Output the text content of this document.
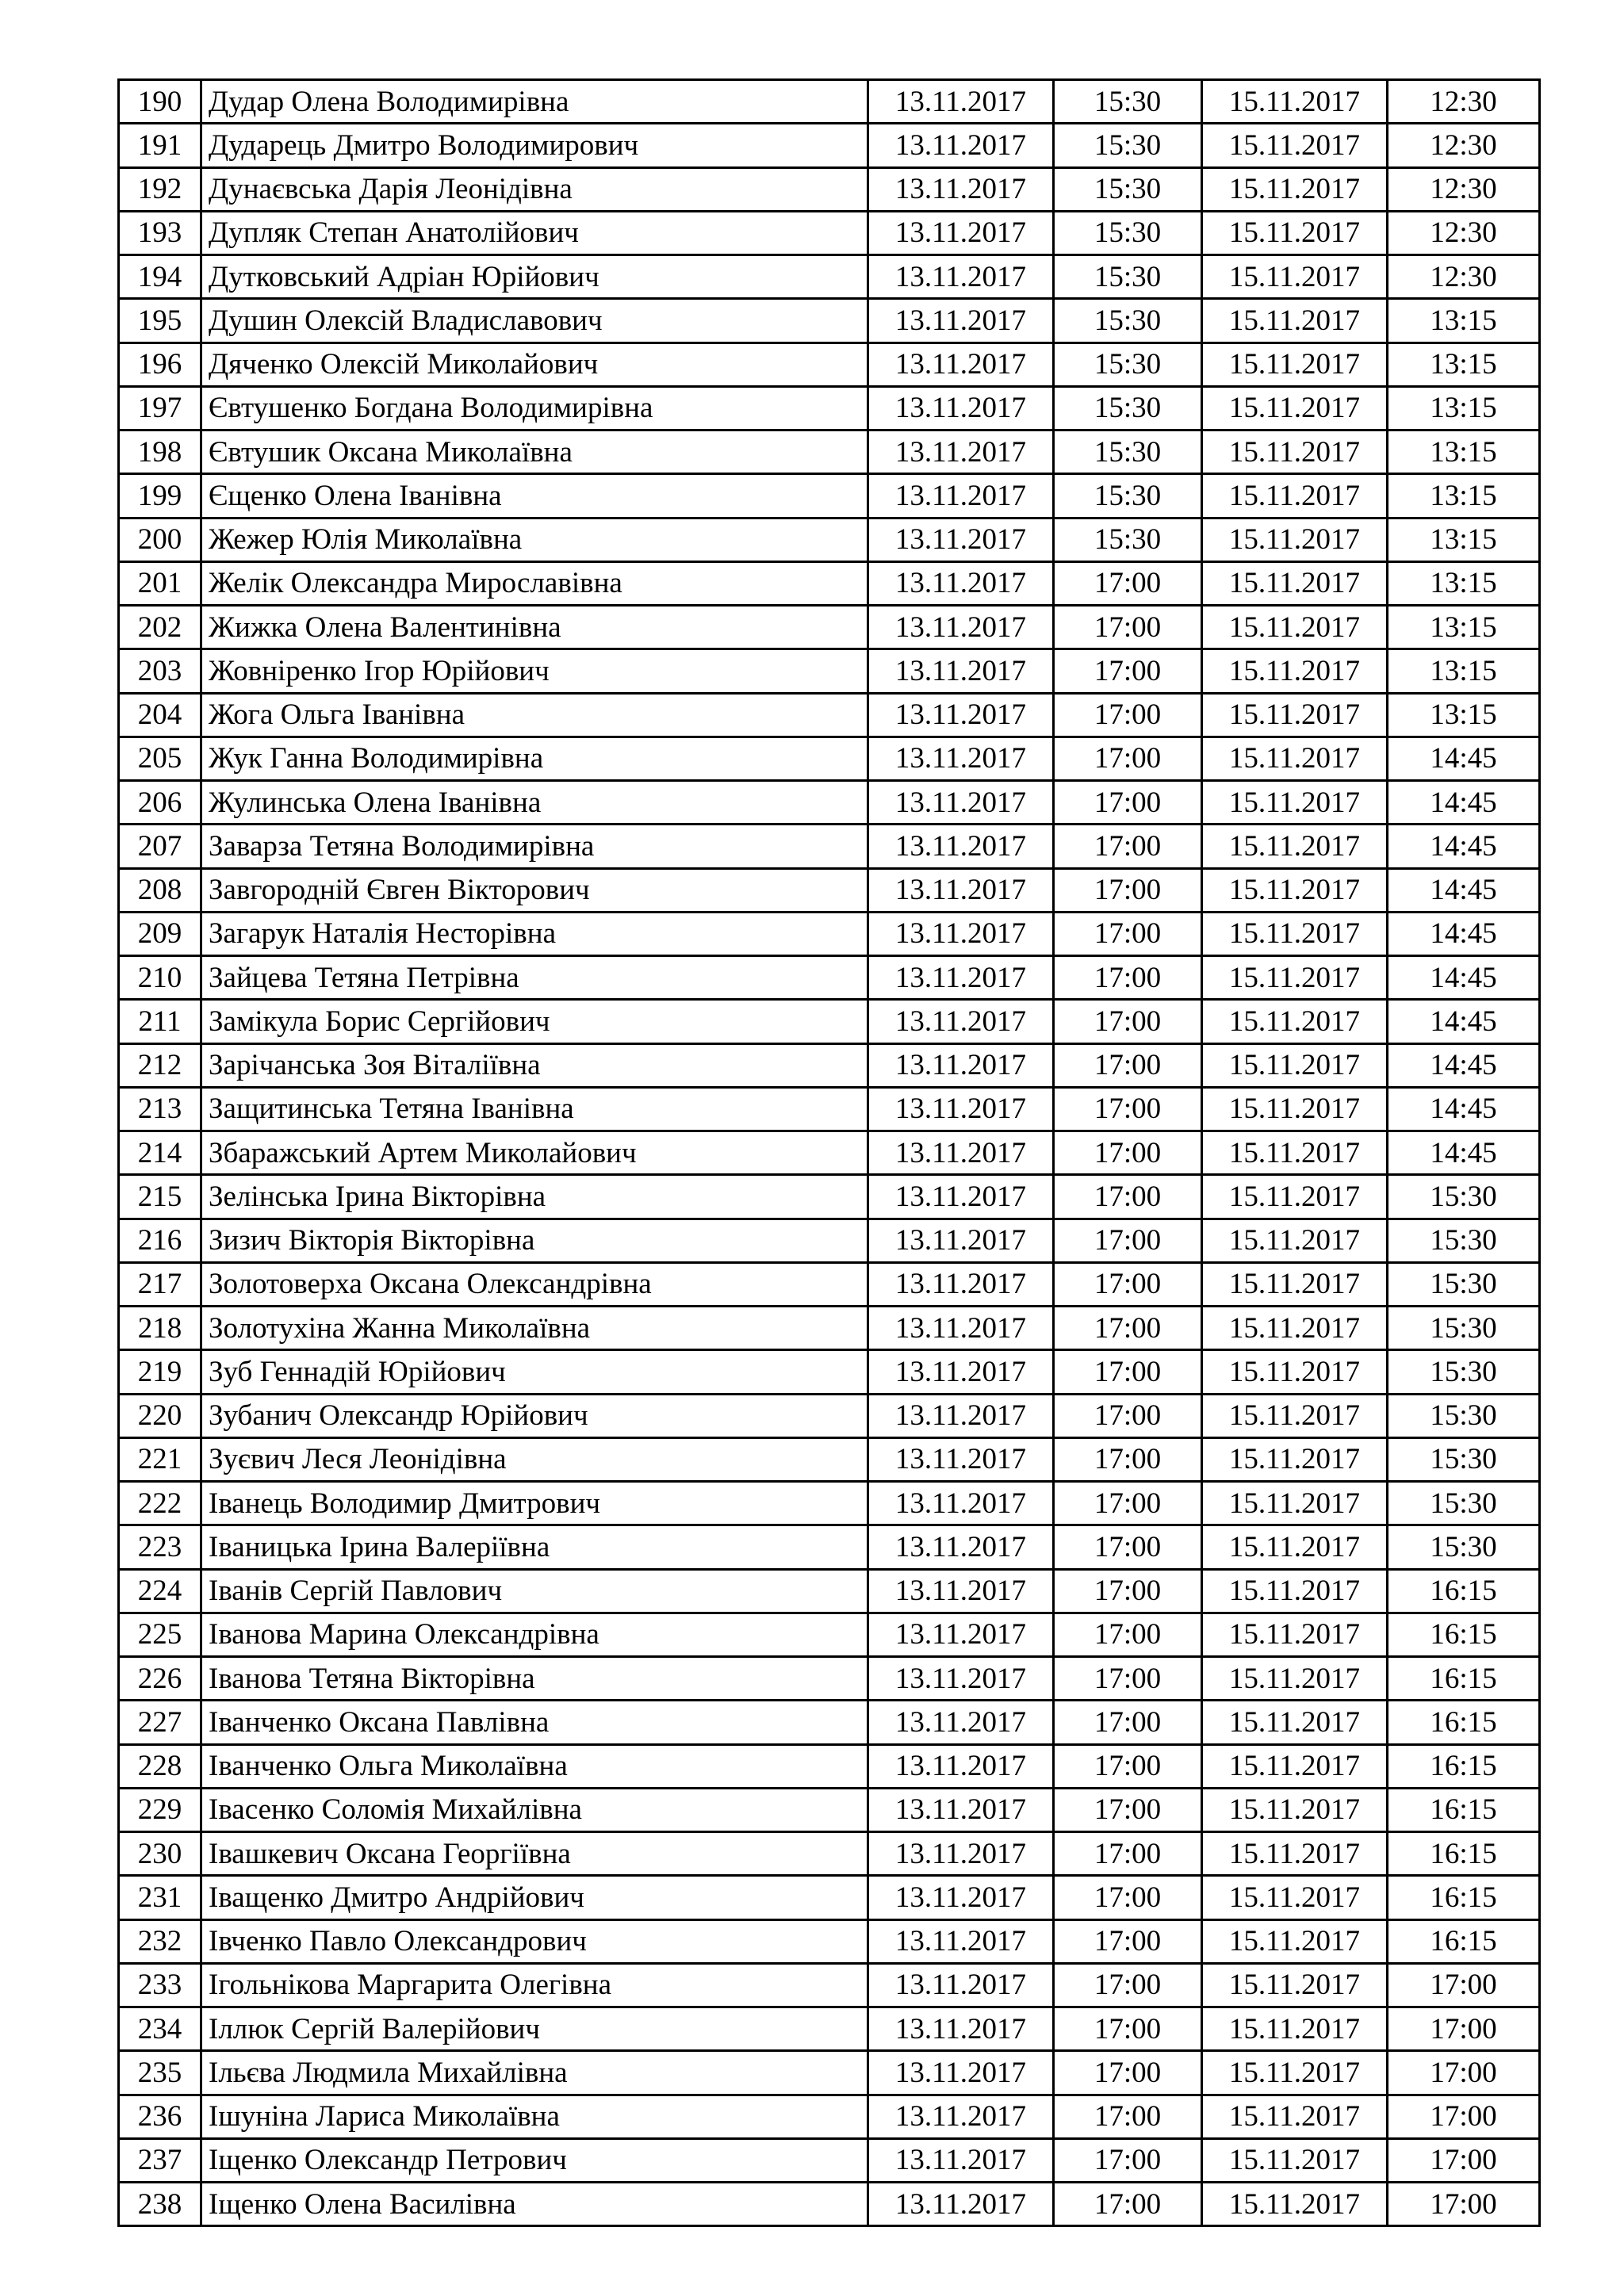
190	Дудар Олена Володимирівна	13.11.2017	15:30	15.11.2017	12:30
191	Дударець Дмитро Володимирович	13.11.2017	15:30	15.11.2017	12:30
192	Дунаєвська Дарія Леонідівна	13.11.2017	15:30	15.11.2017	12:30
193	Дупляк Степан Анатолійович	13.11.2017	15:30	15.11.2017	12:30
194	Дутковський Адріан Юрійович	13.11.2017	15:30	15.11.2017	12:30
195	Душин Олексій Владиславович	13.11.2017	15:30	15.11.2017	13:15
196	Дяченко Олексій Миколайович	13.11.2017	15:30	15.11.2017	13:15
197	Євтушенко Богдана Володимирівна	13.11.2017	15:30	15.11.2017	13:15
198	Євтушик Оксана Миколаївна	13.11.2017	15:30	15.11.2017	13:15
199	Єщенко Олена Іванівна	13.11.2017	15:30	15.11.2017	13:15
200	Жежер Юлія Миколаївна	13.11.2017	15:30	15.11.2017	13:15
201	Желік Олександра Мирославівна	13.11.2017	17:00	15.11.2017	13:15
202	Жижка Олена Валентинівна	13.11.2017	17:00	15.11.2017	13:15
203	Жовніренко Ігор Юрійович	13.11.2017	17:00	15.11.2017	13:15
204	Жога Ольга Іванівна	13.11.2017	17:00	15.11.2017	13:15
205	Жук Ганна Володимирівна	13.11.2017	17:00	15.11.2017	14:45
206	Жулинська Олена Іванівна	13.11.2017	17:00	15.11.2017	14:45
207	Заварза Тетяна Володимирівна	13.11.2017	17:00	15.11.2017	14:45
208	Завгородній Євген Вікторович	13.11.2017	17:00	15.11.2017	14:45
209	Загарук Наталія Несторівна	13.11.2017	17:00	15.11.2017	14:45
210	Зайцева Тетяна Петрівна	13.11.2017	17:00	15.11.2017	14:45
211	Замікула Борис Сергійович	13.11.2017	17:00	15.11.2017	14:45
212	Зарічанська Зоя Віталіївна	13.11.2017	17:00	15.11.2017	14:45
213	Защитинська Тетяна Іванівна	13.11.2017	17:00	15.11.2017	14:45
214	Збаражський Артем Миколайович	13.11.2017	17:00	15.11.2017	14:45
215	Зелінська Ірина Вікторівна	13.11.2017	17:00	15.11.2017	15:30
216	Зизич Вікторія Вікторівна	13.11.2017	17:00	15.11.2017	15:30
217	Золотоверха Оксана Олександрівна	13.11.2017	17:00	15.11.2017	15:30
218	Золотухіна Жанна Миколаївна	13.11.2017	17:00	15.11.2017	15:30
219	Зуб Геннадій Юрійович	13.11.2017	17:00	15.11.2017	15:30
220	Зубанич Олександр Юрійович	13.11.2017	17:00	15.11.2017	15:30
221	Зуєвич Леся Леонідівна	13.11.2017	17:00	15.11.2017	15:30
222	Іванець Володимир Дмитрович	13.11.2017	17:00	15.11.2017	15:30
223	Іваницька Ірина Валеріївна	13.11.2017	17:00	15.11.2017	15:30
224	Іванів Сергій Павлович	13.11.2017	17:00	15.11.2017	16:15
225	Іванова Марина Олександрівна	13.11.2017	17:00	15.11.2017	16:15
226	Іванова Тетяна Вікторівна	13.11.2017	17:00	15.11.2017	16:15
227	Іванченко Оксана Павлівна	13.11.2017	17:00	15.11.2017	16:15
228	Іванченко Ольга Миколаївна	13.11.2017	17:00	15.11.2017	16:15
229	Івасенко Соломія Михайлівна	13.11.2017	17:00	15.11.2017	16:15
230	Івашкевич Оксана Георгіївна	13.11.2017	17:00	15.11.2017	16:15
231	Іващенко Дмитро Андрійович	13.11.2017	17:00	15.11.2017	16:15
232	Івченко Павло Олександрович	13.11.2017	17:00	15.11.2017	16:15
233	Ігольнікова Маргарита Олегівна	13.11.2017	17:00	15.11.2017	17:00
234	Іллюк Сергій Валерійович	13.11.2017	17:00	15.11.2017	17:00
235	Ільєва Людмила Михайлівна	13.11.2017	17:00	15.11.2017	17:00
236	Ішуніна Лариса Миколаївна	13.11.2017	17:00	15.11.2017	17:00
237	Іщенко Олександр Петрович	13.11.2017	17:00	15.11.2017	17:00
238	Іщенко Олена Василівна	13.11.2017	17:00	15.11.2017	17:00
